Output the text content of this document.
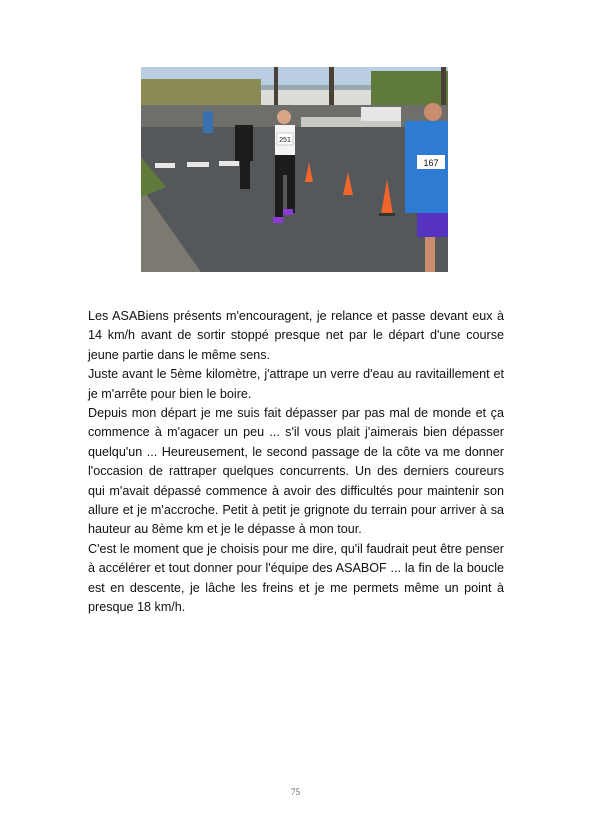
251
167

Les ASABiens présents m'encouragent, je relance et passe devant eux à 14 km/h avant de sortir stoppé presque net par le départ d'une course jeune partie dans le même sens.

Juste avant le 5ème kilomètre, j'attrape un verre d'eau au ravitaillement et je m'arrête pour bien le boire.

Depuis mon départ je me suis fait dépasser par pas mal de monde et ça commence à m'agacer un peu ... s'il vous plait j'aimerais bien dépasser quelqu'un ... Heureusement, le second passage de la côte va me donner l'occasion de rattraper quelques concurrents. Un des derniers coureurs qui m'avait dépassé commence à avoir des difficultés pour maintenir son allure et je m'accroche. Petit à petit je grignote du terrain pour arriver à sa hauteur au 8ème km et je le dépasse à mon tour.

C'est le moment que je choisis pour me dire, qu'il faudrait peut être penser à accélérer et tout donner pour l'équipe des ASABOF ... la fin de la boucle est en descente, je lâche les freins et je me permets même un point à presque 18 km/h.

75
